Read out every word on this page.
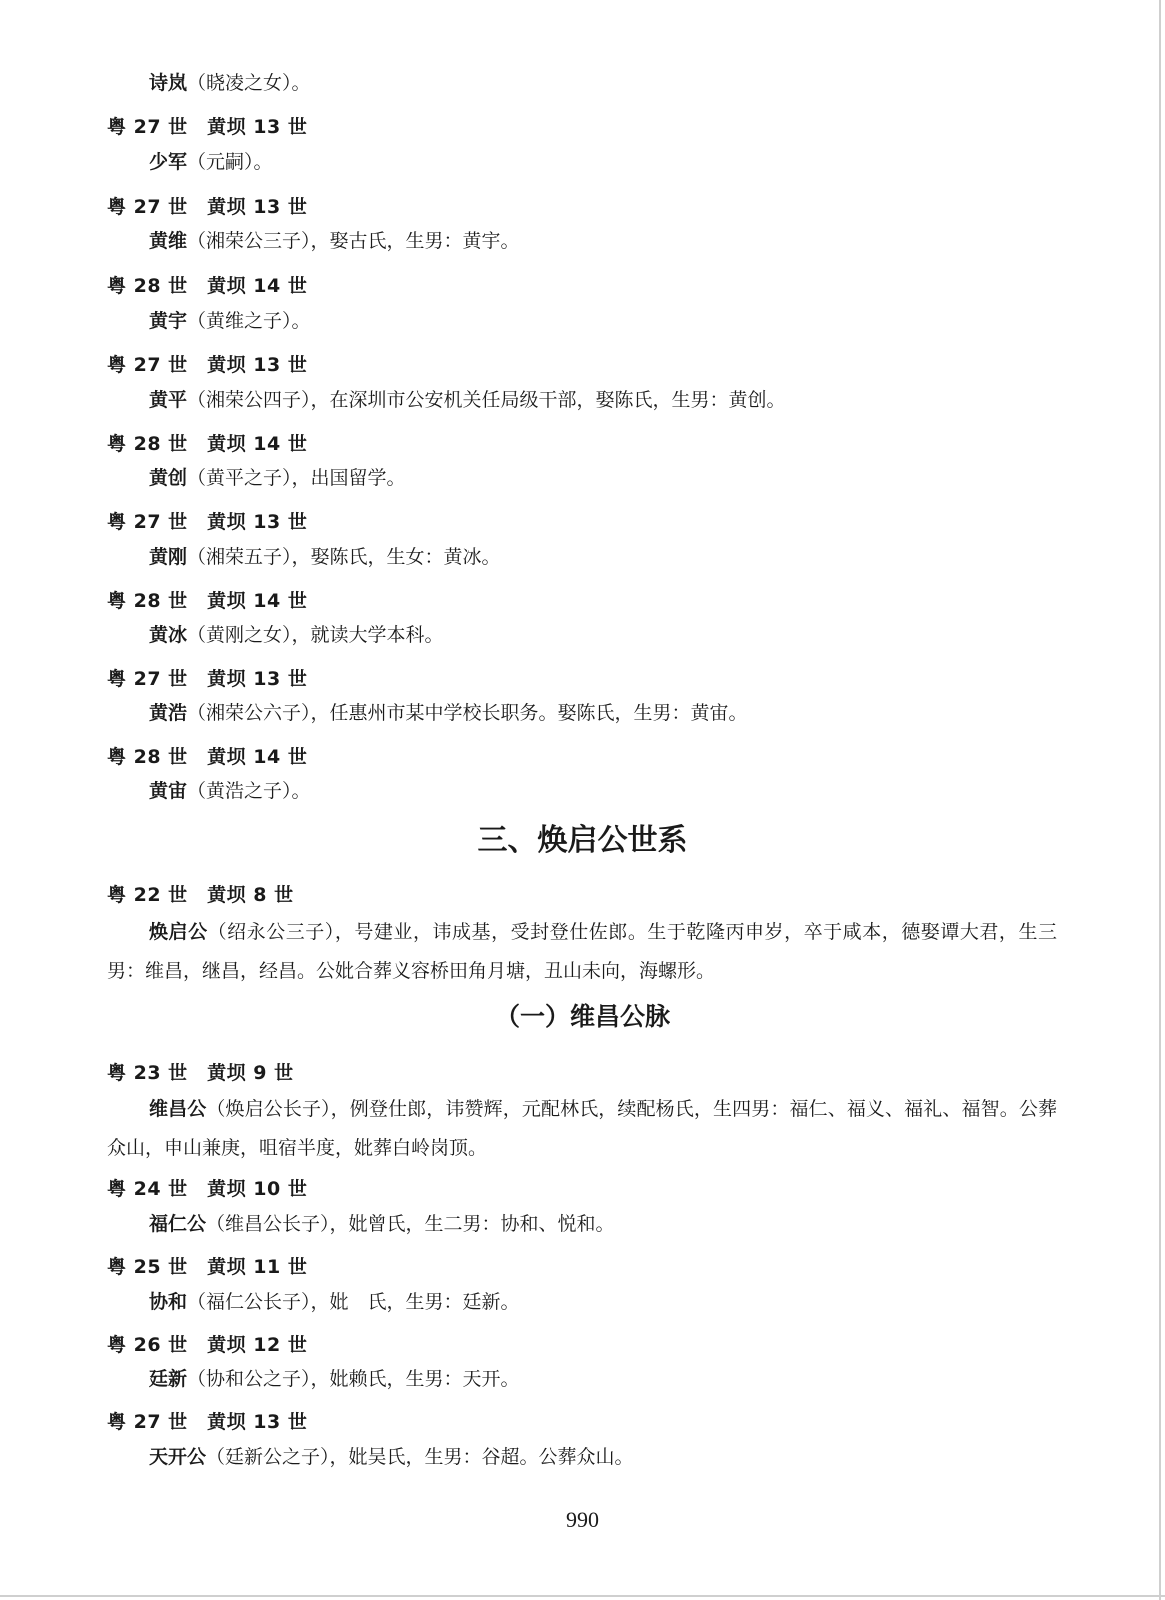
诗岚（晓凌之女）。
粤 27 世　黄坝 13 世
少军（元嗣）。
粤 27 世　黄坝 13 世
黄维（湘荣公三子），娶古氏，生男：黄宇。
粤 28 世　黄坝 14 世
黄宇（黄维之子）。
粤 27 世　黄坝 13 世
黄平（湘荣公四子），在深圳市公安机关任局级干部，娶陈氏，生男：黄创。
粤 28 世　黄坝 14 世
黄创（黄平之子），出国留学。
粤 27 世　黄坝 13 世
黄刚（湘荣五子），娶陈氏，生女：黄冰。
粤 28 世　黄坝 14 世
黄冰（黄刚之女），就读大学本科。
粤 27 世　黄坝 13 世
黄浩（湘荣公六子），任惠州市某中学校长职务。娶陈氏，生男：黄宙。
粤 28 世　黄坝 14 世
黄宙（黄浩之子）。
三、焕启公世系
粤 22 世　黄坝 8 世
焕启公（绍永公三子），号建业，讳成基，受封登仕佐郎。生于乾隆丙申岁，卒于咸本，德娶谭大君，生三男：维昌，继昌，经昌。公妣合葬义容桥田角月塘，丑山未向，海螺形。
（一）维昌公脉
粤 23 世　黄坝 9 世
维昌公（焕启公长子），例登仕郎，讳赞辉，元配林氏，续配杨氏，生四男：福仁、福义、福礼、福智。公葬众山，申山兼庚，咀宿半度，妣葬白岭岗顶。
粤 24 世　黄坝 10 世
福仁公（维昌公长子），妣曾氏，生二男：协和、悦和。
粤 25 世　黄坝 11 世
协和（福仁公长子），妣　氏，生男：廷新。
粤 26 世　黄坝 12 世
廷新（协和公之子），妣赖氏，生男：天开。
粤 27 世　黄坝 13 世
天开公（廷新公之子），妣吴氏，生男：谷超。公葬众山。
990
